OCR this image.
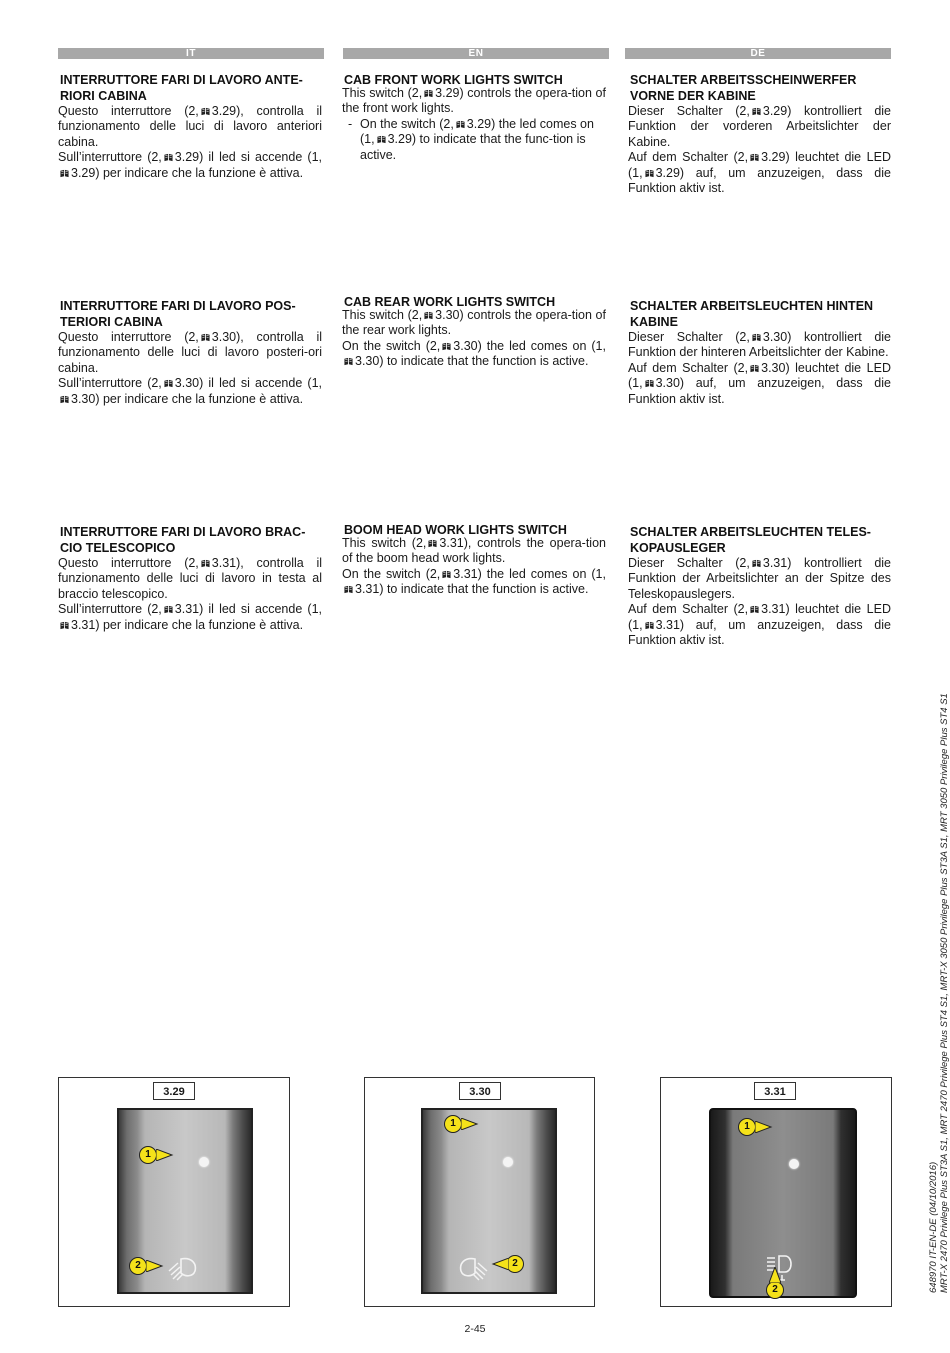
IT	EN	DE
INTERRUTTORE FARI DI LAVORO ANTE-RIORI CABINA

Questo interruttore (2, 3.29), controlla il funzionamento delle luci di lavoro anteriori cabina.

Sull’interruttore (2, 3.29) il led si accende (1,3.29) per indicare che la funzione è attiva.

INTERRUTTORE FARI DI LAVORO POS-TERIORI CABINA

Questo interruttore (2, 3.30), controlla il funzionamento delle luci di lavoro posteri-ori cabina.

Sull’interruttore (2, 3.30) il led si accende (1,3.30) per indicare che la funzione è attiva.

INTERRUTTORE FARI DI LAVORO BRAC-CIO TELESCOPICO

Questo interruttore (2, 3.31), controlla il funzionamento delle luci di lavoro in testa al braccio telescopico.

Sull’interruttore (2, 3.31) il led si accende (1,3.31) per indicare che la funzione è attiva.

CAB FRONT WORK LIGHTS SWITCH

This switch (2, 3.29) controls the opera-tion of the front work lights.

- On the switch (2, 3.29) the led comes on (1, 3.29) to indicate that the func-tion is active.

CAB REAR WORK LIGHTS SWITCH

This switch (2, 3.30) controls the opera-tion of the rear work lights.

On the switch (2, 3.30) the led comes on (1,3.30) to indicate that the function is active.

BOOM HEAD WORK LIGHTS SWITCH

This switch (2, 3.31), controls the opera-tion of the boom head work lights.

On the switch (2, 3.31) the led comes on (1,3.31) to indicate that the function is active.

SCHALTER ARBEITSSCHEINWERFER VORNE DER KABINE

Dieser Schalter (2, 3.29) kontrolliert die Funktion der vorderen Arbeitslichter der Kabine.

Auf dem Schalter (2, 3.29) leuchtet die LED (1, 3.29) auf, um anzuzeigen, dass die Funktion aktiv ist.

SCHALTER ARBEITSLEUCHTEN HINTEN KABINE

Dieser Schalter (2, 3.30) kontrolliert die Funktion der hinteren Arbeitslichter der Kabine.

Auf dem Schalter (2, 3.30) leuchtet die LED (1, 3.30) auf, um anzuzeigen, dass die Funktion aktiv ist.

SCHALTER ARBEITSLEUCHTEN TELES-KOPAUSLEGER

Dieser Schalter (2, 3.31) kontrolliert die Funktion der Arbeitslichter an der Spitze des Teleskopauslegers.

Auf dem Schalter (2, 3.31) leuchtet die LED (1, 3.31) auf, um anzuzeigen, dass die Funktion aktiv ist.

3.29
1
2
3.30
1
2
3.31
1
2
2-45
648970 IT-EN-DE (04/10/2016) MRT-X 2470 Privilege Plus ST3A S1, MRT 2470 Privilege Plus ST4 S1, MRT-X 3050 Privilege Plus ST3A S1, MRT 3050 Privilege Plus ST4 S1
